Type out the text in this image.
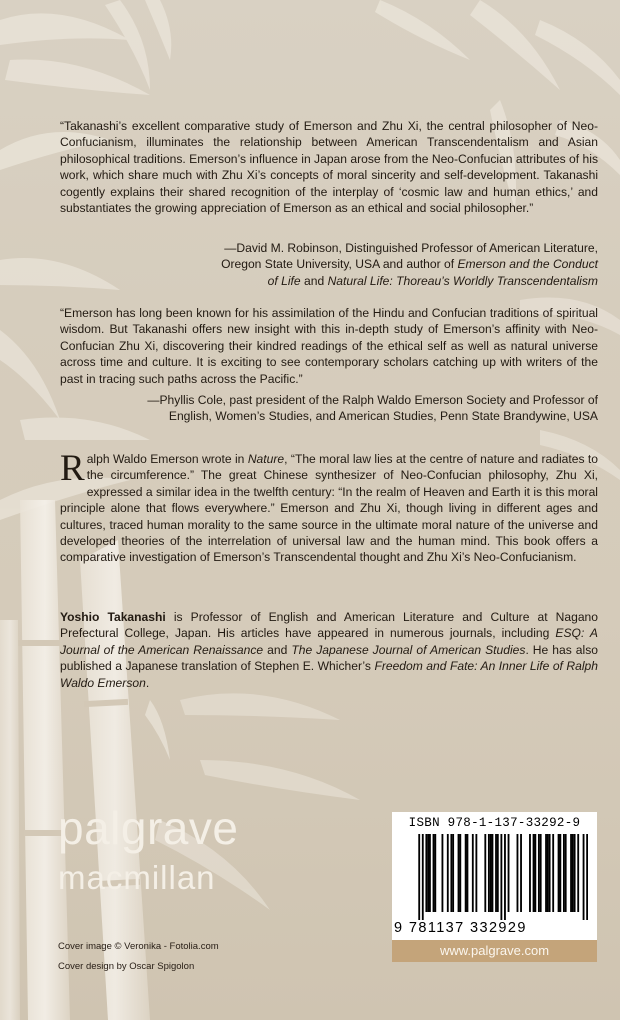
“Takanashi’s excellent comparative study of Emerson and Zhu Xi, the central philosopher of Neo-Confucianism, illuminates the relationship between American Transcendentalism and Asian philosophical traditions. Emerson’s influence in Japan arose from the Neo-Confucian attributes of his work, which share much with Zhu Xi’s concepts of moral sincerity and self-development. Takanashi cogently explains their shared recognition of the interplay of ‘cosmic law and human ethics,’ and substantiates the growing appreciation of Emerson as an ethical and social philosopher.”
—David M. Robinson, Distinguished Professor of American Literature,
Oregon State University, USA and author of Emerson and the Conduct
of Life and Natural Life: Thoreau’s Worldly Transcendentalism
“Emerson has long been known for his assimilation of the Hindu and Confucian traditions of spiritual wisdom. But Takanashi offers new insight with this in-depth study of Emerson’s affinity with Neo-Confucian Zhu Xi, discovering their kindred readings of the ethical self as well as natural universe across time and culture. It is exciting to see contemporary scholars catching up with writers of the past in tracing such paths across the Pacific.”
—Phyllis Cole, past president of the Ralph Waldo Emerson Society and Professor of
English, Women’s Studies, and American Studies, Penn State Brandywine, USA
Ralph Waldo Emerson wrote in Nature, “The moral law lies at the centre of nature and radiates to the circumference.” The great Chinese synthesizer of Neo-Confucian philosophy, Zhu Xi, expressed a similar idea in the twelfth century: “In the realm of Heaven and Earth it is this moral principle alone that flows everywhere.” Emerson and Zhu Xi, though living in different ages and cultures, traced human morality to the same source in the ultimate moral nature of the universe and developed theories of the interrelation of universal law and the human mind. This book offers a comparative investigation of Emerson’s Transcendental thought and Zhu Xi’s Neo-Confucianism.
Yoshio Takanashi is Professor of English and American Literature and Culture at Nagano Prefectural College, Japan. His articles have appeared in numerous journals, including ESQ: A Journal of the American Renaissance and The Japanese Journal of American Studies. He has also published a Japanese translation of Stephen E. Whicher’s Freedom and Fate: An Inner Life of Ralph Waldo Emerson.
palgrave
macmillan
Cover image © Veronika - Fotolia.com
Cover design by Oscar Spigolon
ISBN 978-1-137-33292-9
9 781137 332929
www.palgrave.com
